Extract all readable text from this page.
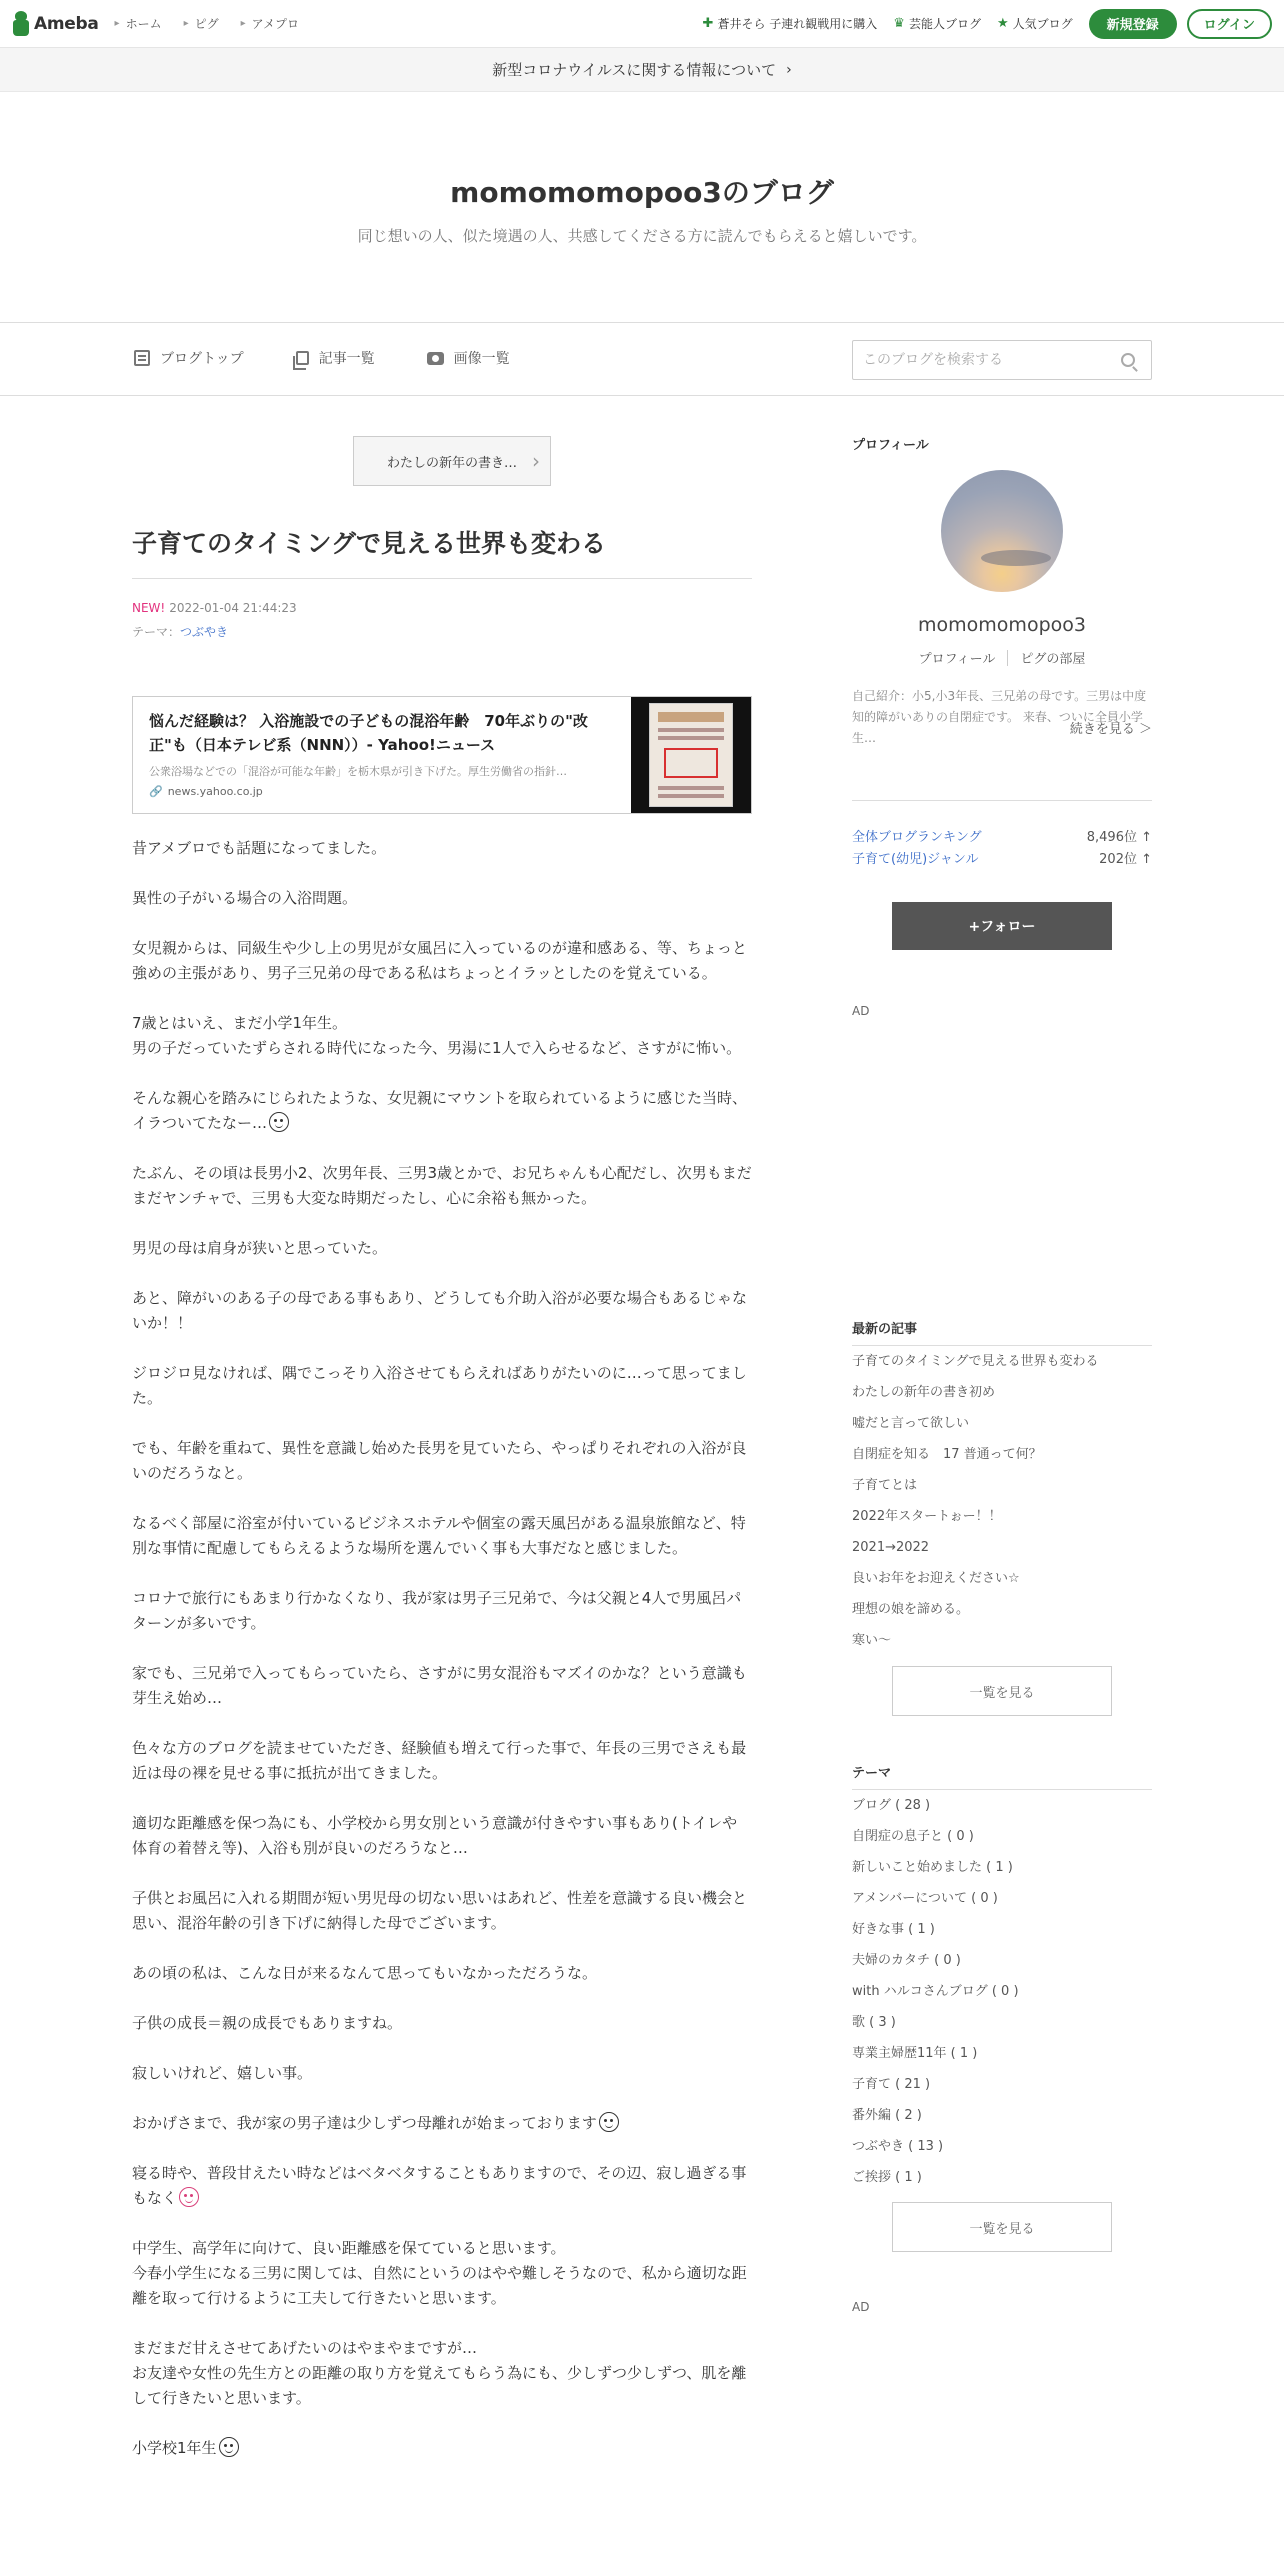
Ameba ▸ ホーム ▸ ピグ ▸ アメプロ	✚ 蒼井そら 子連れ観戦用に購入 ♛ 芸能人ブログ ★ 人気ブログ	新規登録	ログイン
新型コロナウイルスに関する情報について ›
momomomopoo3のブログ
同じ想いの人、似た境遇の人、共感してくださる方に読んでもらえると嬉しいです。
ブログトップ	記事一覧	画像一覧
このブログを検索する
わたしの新年の書き… ›
子育てのタイミングで見える世界も変わる
NEW! 2022-01-04 21:44:23
テーマ：つぶやき
悩んだ経験は？ 入浴施設での子どもの混浴年齢　70年ぶりの"改正"も（日本テレビ系（NNN））- Yahoo!ニュース
公衆浴場などでの「混浴が可能な年齢」を栃木県が引き下げた。厚生労働省の指針…
🔗 news.yahoo.co.jp

昔アメブロでも話題になってました。

異性の子がいる場合の入浴問題。

女児親からは、同級生や少し上の男児が女風呂に入っているのが違和感ある、等、ちょっと強めの主張があり、男子三兄弟の母である私はちょっとイラッとしたのを覚えている。

7歳とはいえ、まだ小学1年生。
男の子だっていたずらされる時代になった今、男湯に1人で入らせるなど、さすがに怖い。

そんな親心を踏みにじられたような、女児親にマウントを取られているように感じた当時、イラついてたなー…

たぶん、その頃は長男小2、次男年長、三男3歳とかで、お兄ちゃんも心配だし、次男もまだまだヤンチャで、三男も大変な時期だったし、心に余裕も無かった。

男児の母は肩身が狭いと思っていた。

あと、障がいのある子の母である事もあり、どうしても介助入浴が必要な場合もあるじゃないか！！

ジロジロ見なければ、隅でこっそり入浴させてもらえればありがたいのに…って思ってました。

でも、年齢を重ねて、異性を意識し始めた長男を見ていたら、やっぱりそれぞれの入浴が良いのだろうなと。

なるべく部屋に浴室が付いているビジネスホテルや個室の露天風呂がある温泉旅館など、特別な事情に配慮してもらえるような場所を選んでいく事も大事だなと感じました。

コロナで旅行にもあまり行かなくなり、我が家は男子三兄弟で、今は父親と4人で男風呂パターンが多いです。

家でも、三兄弟で入ってもらっていたら、さすがに男女混浴もマズイのかな？という意識も芽生え始め…

色々な方のブログを読ませていただき、経験値も増えて行った事で、年長の三男でさえも最近は母の裸を見せる事に抵抗が出てきました。

適切な距離感を保つ為にも、小学校から男女別という意識が付きやすい事もあり(トイレや体育の着替え等)、入浴も別が良いのだろうなと…

子供とお風呂に入れる期間が短い男児母の切ない思いはあれど、性差を意識する良い機会と思い、混浴年齢の引き下げに納得した母でございます。

あの頃の私は、こんな日が来るなんて思ってもいなかっただろうな。

子供の成長＝親の成長でもありますね。

寂しいけれど、嬉しい事。

おかげさまで、我が家の男子達は少しずつ母離れが始まっております

寝る時や、普段甘えたい時などはベタベタすることもありますので、その辺、寂し過ぎる事もなく

中学生、高学年に向けて、良い距離感を保てていると思います。
今春小学生になる三男に関しては、自然にというのはやや難しそうなので、私から適切な距離を取って行けるように工夫して行きたいと思います。

まだまだ甘えさせてあげたいのはやまやまですが…
お友達や女性の先生方との距離の取り方を覚えてもらう為にも、少しずつ少しずつ、肌を離して行きたいと思います。

小学校1年生

プロフィール
momomomopoo3
プロフィール	ピグの部屋
自己紹介：小5,小3年長、三兄弟の母です。三男は中度知的障がいありの自閉症です。 来春、ついに全員小学生…
続きを見る ＞
全体ブログランキング	8,496位 ↑
子育て(幼児)ジャンル	202位 ↑
+フォロー
AD
最新の記事
子育てのタイミングで見える世界も変わる
わたしの新年の書き初め
嘘だと言って欲しい
自閉症を知る　17 普通って何？
子育てとは
2022年スタートぉー！！
2021→2022
良いお年をお迎えください☆
理想の娘を諦める。
寒い〜
一覧を見る
テーマ
ブログ ( 28 )
自閉症の息子と ( 0 )
新しいこと始めました ( 1 )
アメンバーについて ( 0 )
好きな事 ( 1 )
夫婦のカタチ ( 0 )
with ハルコさんブログ ( 0 )
歌 ( 3 )
専業主婦歴11年 ( 1 )
子育て ( 21 )
番外編 ( 2 )
つぶやき ( 13 )
ご挨拶 ( 1 )
一覧を見る
AD
